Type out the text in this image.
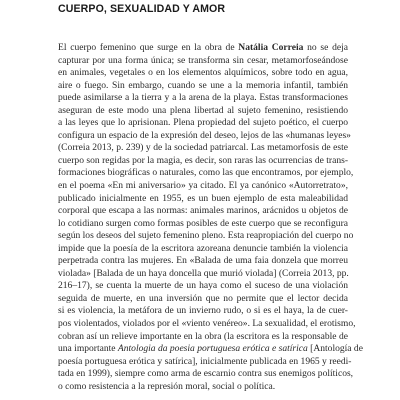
CUERPO, SEXUALIDAD Y AMOR
El cuerpo femenino que surge en la obra de Natália Correia no se deja
capturar por una forma única; se transforma sin cesar, metamorfoseándose
en animales, vegetales o en los elementos alquímicos, sobre todo en agua,
aire o fuego. Sin embargo, cuando se une a la memoria infantil, también
puede asimilarse a la tierra y a la arena de la playa. Estas transformaciones
aseguran de este modo una plena libertad al sujeto femenino, resistiendo
a las leyes que lo aprisionan. Plena propiedad del sujeto poético, el cuerpo
configura un espacio de la expresión del deseo, lejos de las «humanas leyes»
(Correia 2013, p. 239) y de la sociedad patriarcal. Las metamorfosis de este
cuerpo son regidas por la magia, es decir, son raras las ocurrencias de trans-
formaciones biográficas o naturales, como las que encontramos, por ejemplo,
en el poema «En mi aniversario» ya citado. El ya canónico «Autorretrato»,
publicado inicialmente en 1955, es un buen ejemplo de esta maleabilidad
corporal que escapa a las normas: animales marinos, arácnidos u objetos de
lo cotidiano surgen como formas posibles de este cuerpo que se reconfigura
según los deseos del sujeto femenino pleno. Esta reapropiación del cuerpo no
impide que la poesía de la escritora azoreana denuncie también la violencia
perpetrada contra las mujeres. En «Balada de uma faia donzela que morreu
violada» [Balada de un haya doncella que murió violada] (Correia 2013, pp.
216–17), se cuenta la muerte de un haya como el suceso de una violación
seguida de muerte, en una inversión que no permite que el lector decida
si es violencia, la metáfora de un invierno rudo, o si es el haya, la de cuer-
pos violentados, violados por el «viento venéreo». La sexualidad, el erotismo,
cobran así un relieve importante en la obra (la escritora es la responsable de
una importante Antologia da poesia portuguesa erótica e satírica [Antología de
poesía portuguesa erótica y satírica], inicialmente publicada en 1965 y reedi-
tada en 1999), siempre como arma de escarnio contra sus enemigos políticos,
o como resistencia a la represión moral, social o política.
